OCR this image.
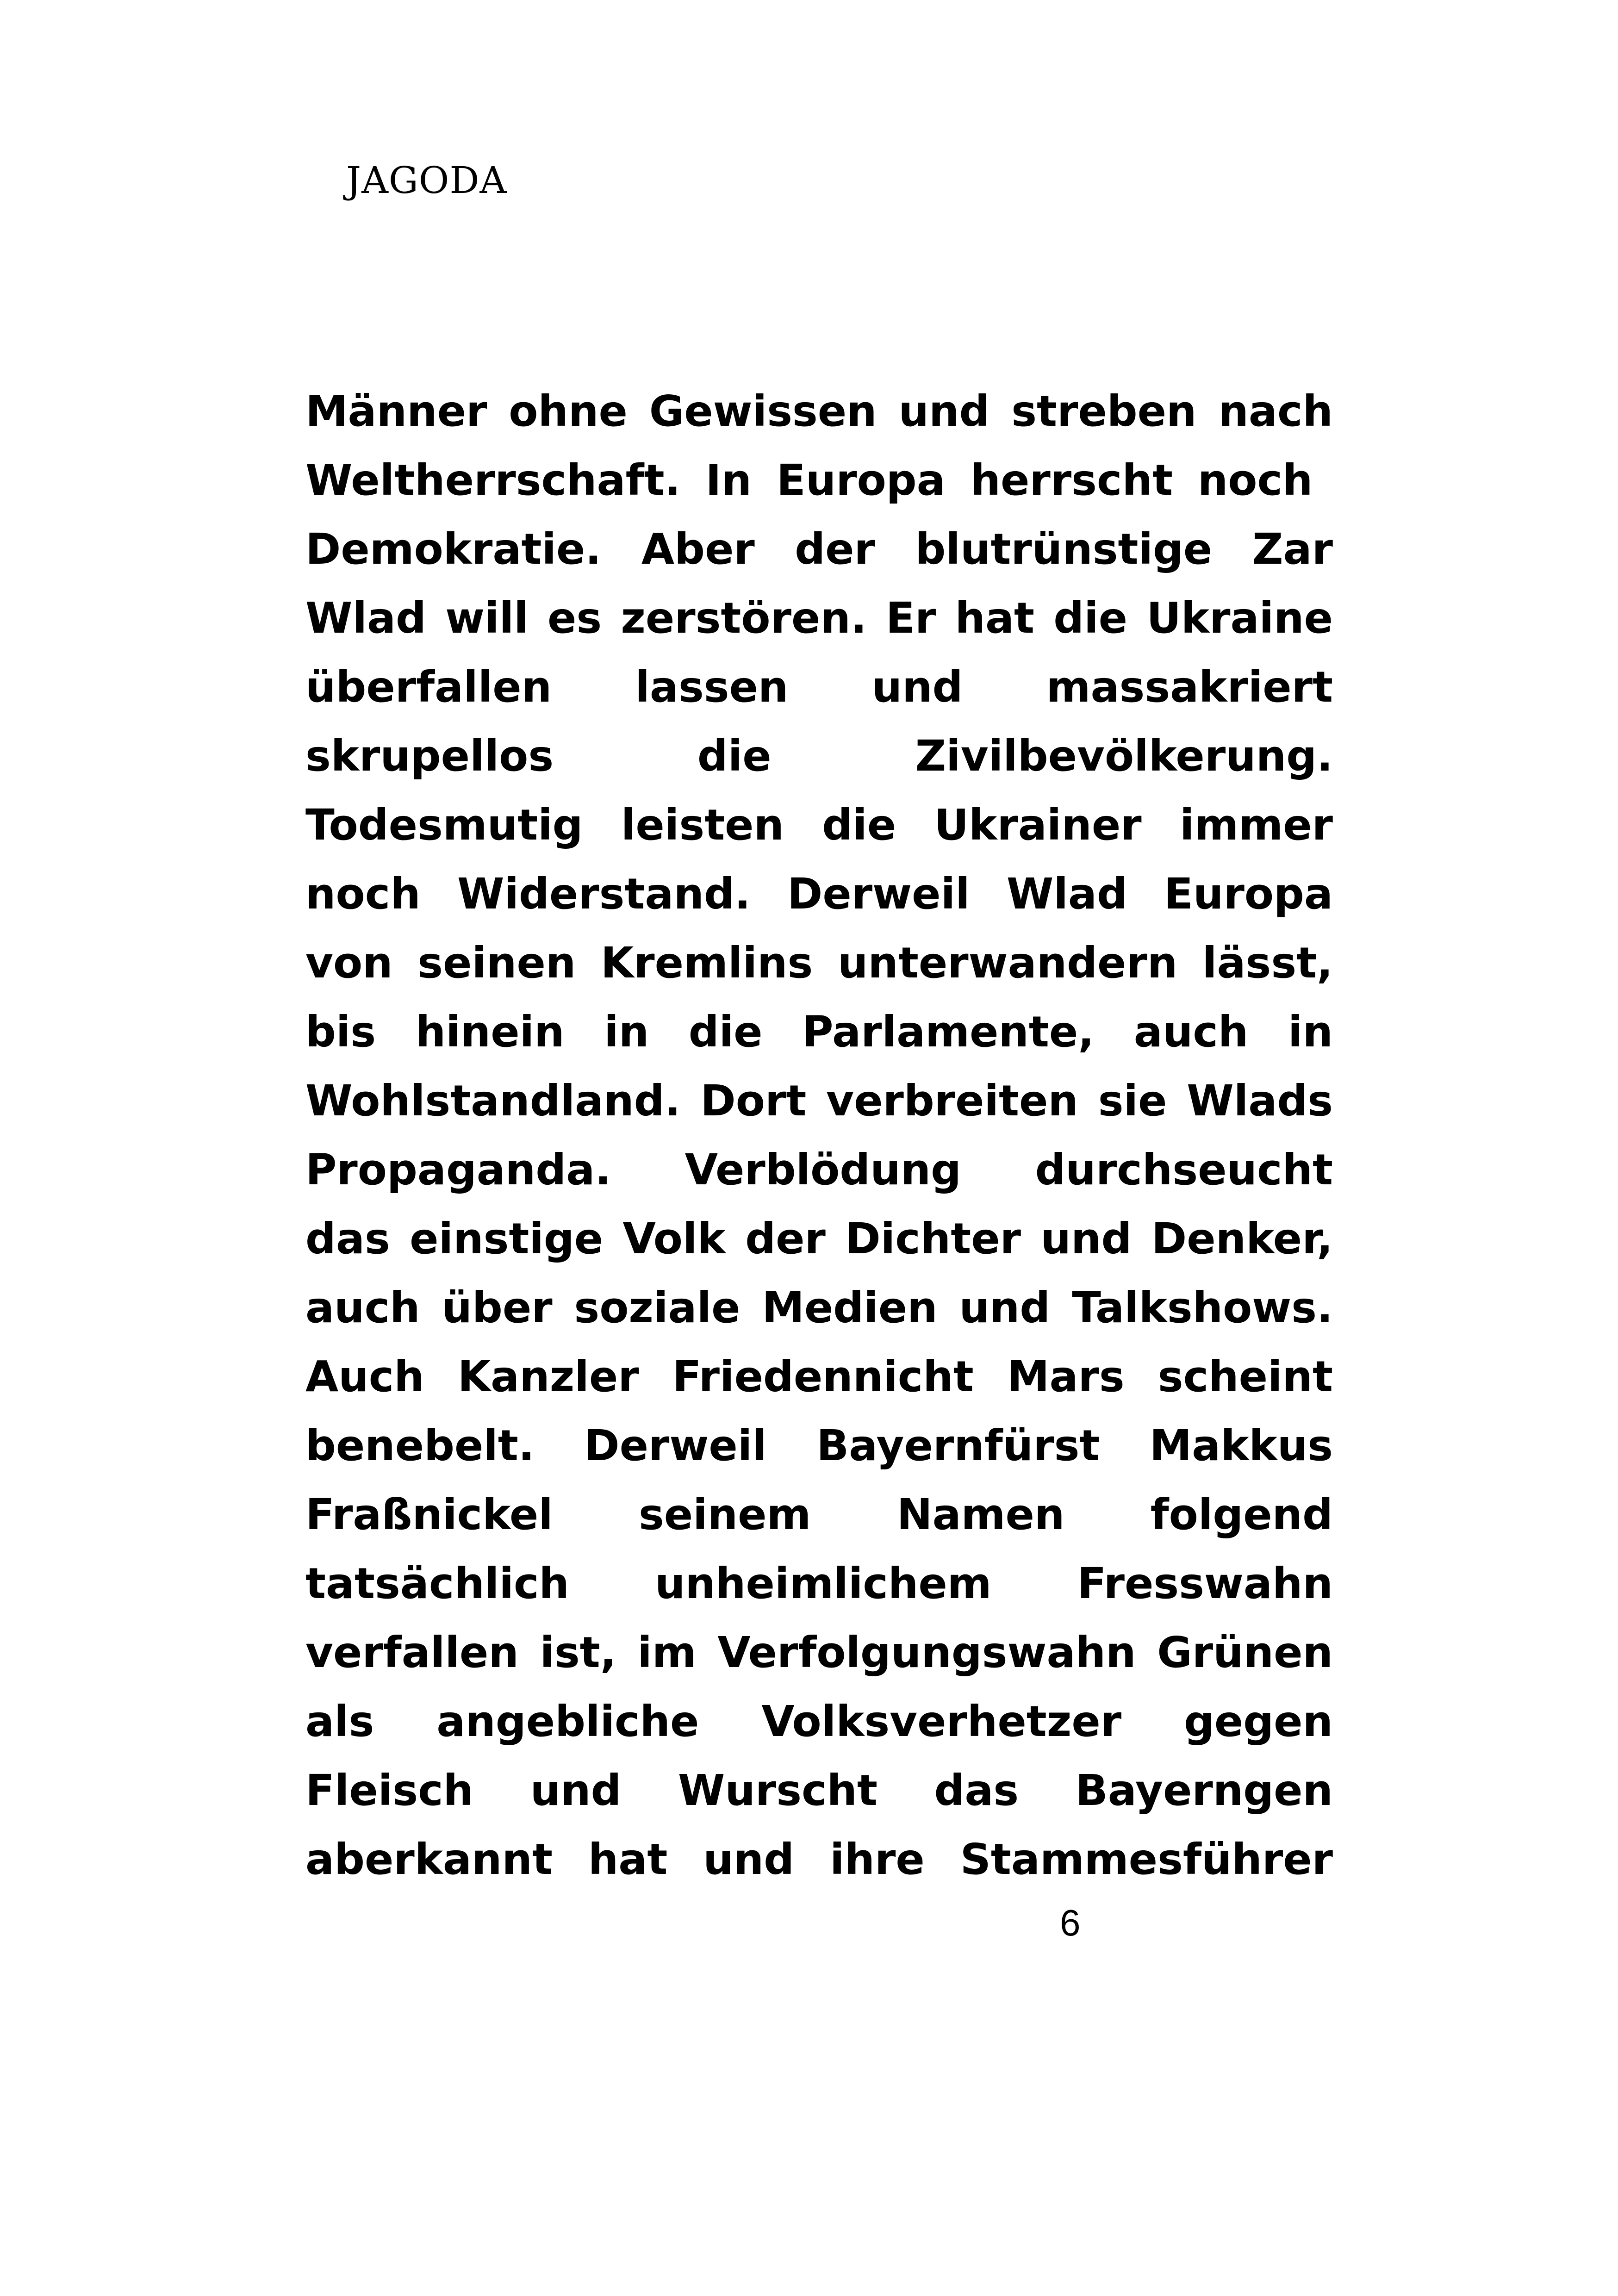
JAGODA
Männer ohne Gewissen und streben nach
Weltherrschaft. In Europa herrscht noch
Demokratie. Aber der blutrünstige Zar
Wlad will es zerstören. Er hat die Ukraine
überfallen lassen und massakriert
skrupellos die Zivilbevölkerung.
Todesmutig leisten die Ukrainer immer
noch Widerstand. Derweil Wlad Europa
von seinen Kremlins unterwandern lässt,
bis hinein in die Parlamente, auch in
Wohlstandland. Dort verbreiten sie Wlads
Propaganda. Verblödung durchseucht
das einstige Volk der Dichter und Denker,
auch über soziale Medien und Talkshows.
Auch Kanzler Friedennicht Mars scheint
benebelt. Derweil Bayernfürst Makkus
Fraßnickel seinem Namen folgend
tatsächlich unheimlichem Fresswahn
verfallen ist, im Verfolgungswahn Grünen
als angebliche Volksverhetzer gegen
Fleisch und Wurscht das Bayerngen
aberkannt hat und ihre Stammesführer
6
